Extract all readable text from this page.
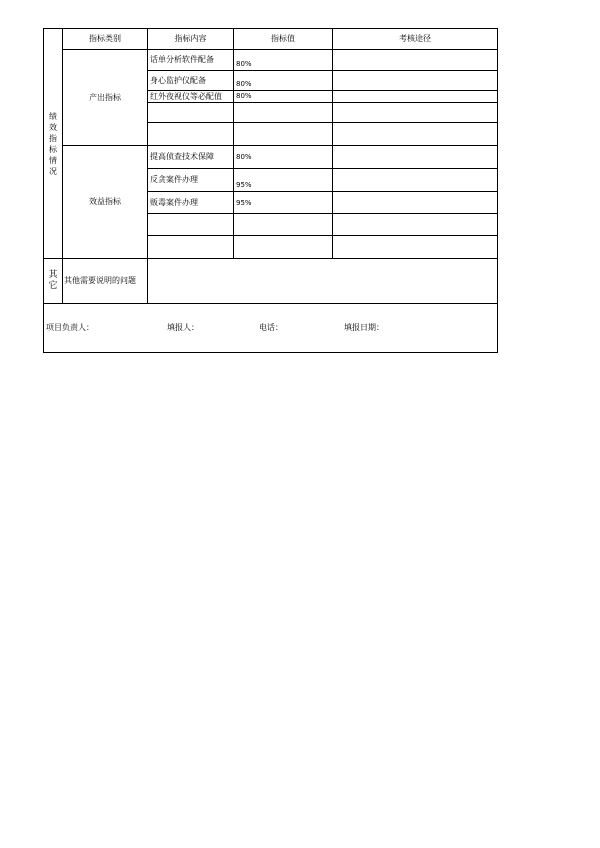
绩效指标情况	指标类别	指标内容	指标值	考核途径
	产出指标	话单分析软件配备	80%	
		身心监护仪配备	80%	
		红外夜视仪等必配值	80%	

	效益指标	提高侦查技术保障	80%	
		反贪案件办理	95%	
		贩毒案件办理	95%	

其它	其他需要说明的问题			

项目负责人： 填报人： 电话： 填报日期：				
